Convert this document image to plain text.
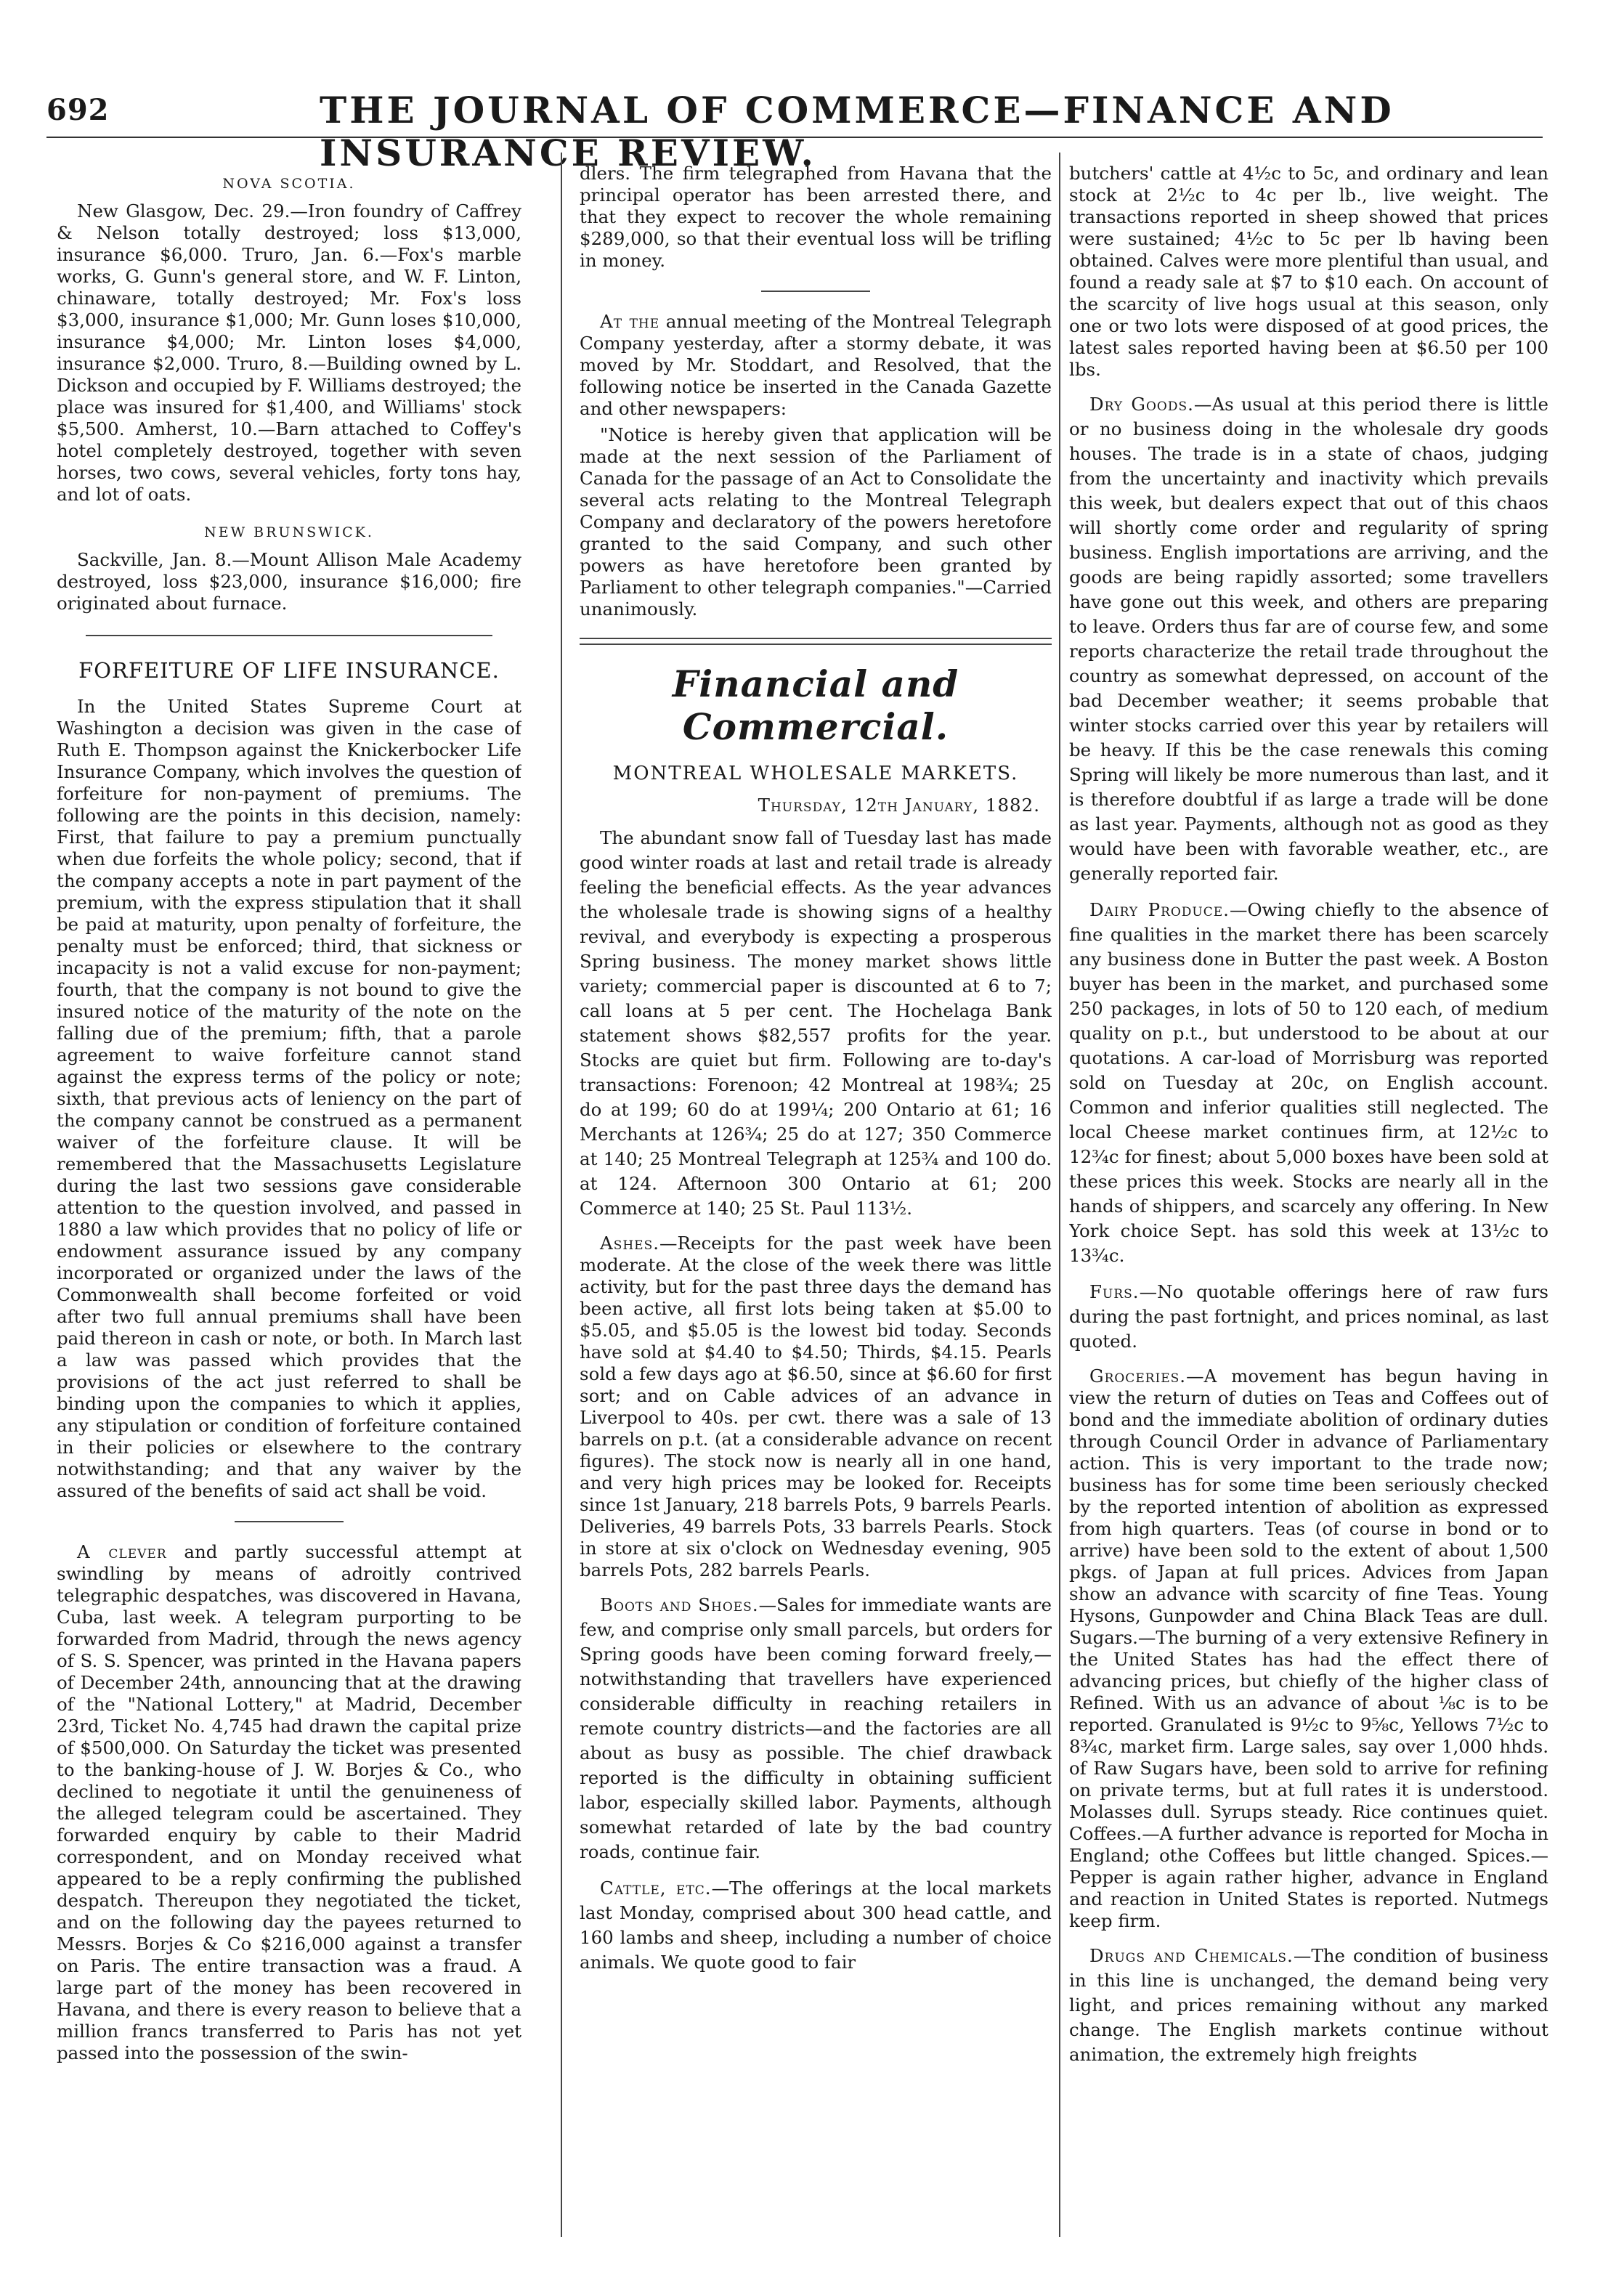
692	THE JOURNAL OF COMMERCE—FINANCE AND INSURANCE REVIEW.
NOVA SCOTIA.

New Glasgow, Dec. 29.—Iron foundry of Caffrey & Nelson totally destroyed; loss $13,000, insurance $6,000. Truro, Jan. 6.—Fox's marble works, G. Gunn's general store, and W. F. Linton, chinaware, totally destroyed; Mr. Fox's loss $3,000, insurance $1,000; Mr. Gunn loses $10,000, insurance $4,000; Mr. Linton loses $4,000, insurance $2,000. Truro, 8.—Building owned by L. Dickson and occupied by F. Williams destroyed; the place was insured for $1,400, and Williams' stock $5,500. Amherst, 10.—Barn attached to Coffey's hotel completely destroyed, together with seven horses, two cows, several vehicles, forty tons hay, and lot of oats.

NEW BRUNSWICK.

Sackville, Jan. 8.—Mount Allison Male Academy destroyed, loss $23,000, insurance $16,000; fire originated about furnace.

FORFEITURE OF LIFE INSURANCE.

In the United States Supreme Court at Washington a decision was given in the case of Ruth E. Thompson against the Knickerbocker Life Insurance Company, which involves the question of forfeiture for non-payment of premiums. The following are the points in this decision, namely: First, that failure to pay a premium punctually when due forfeits the whole policy; second, that if the company accepts a note in part payment of the premium, with the express stipulation that it shall be paid at maturity, upon penalty of forfeiture, the penalty must be enforced; third, that sickness or incapacity is not a valid excuse for non-payment; fourth, that the company is not bound to give the insured notice of the maturity of the note on the falling due of the premium; fifth, that a parole agreement to waive forfeiture cannot stand against the express terms of the policy or note; sixth, that previous acts of leniency on the part of the company cannot be construed as a permanent waiver of the forfeiture clause. It will be remembered that the Massachusetts Legislature during the last two sessions gave considerable attention to the question involved, and passed in 1880 a law which provides that no policy of life or endowment assurance issued by any company incorporated or organized under the laws of the Commonwealth shall become forfeited or void after two full annual premiums shall have been paid thereon in cash or note, or both. In March last a law was passed which provides that the provisions of the act just referred to shall be binding upon the companies to which it applies, any stipulation or condition of forfeiture contained in their policies or elsewhere to the contrary notwithstanding; and that any waiver by the assured of the benefits of said act shall be void.

A clever and partly successful attempt at swindling by means of adroitly contrived telegraphic despatches, was discovered in Havana, Cuba, last week. A telegram purporting to be forwarded from Madrid, through the news agency of S. S. Spencer, was printed in the Havana papers of December 24th, announcing that at the drawing of the "National Lottery," at Madrid, December 23rd, Ticket No. 4,745 had drawn the capital prize of $500,000. On Saturday the ticket was presented to the banking-house of J. W. Borjes & Co., who declined to negotiate it until the genuineness of the alleged telegram could be ascertained. They forwarded enquiry by cable to their Madrid correspondent, and on Monday received what appeared to be a reply confirming the published despatch. Thereupon they negotiated the ticket, and on the following day the payees returned to Messrs. Borjes & Co $216,000 against a transfer on Paris. The entire transaction was a fraud. A large part of the money has been recovered in Havana, and there is every reason to believe that a million francs transferred to Paris has not yet passed into the possession of the swin-

dlers. The firm telegraphed from Havana that the principal operator has been arrested there, and that they expect to recover the whole remaining $289,000, so that their eventual loss will be trifling in money.

At the annual meeting of the Montreal Telegraph Company yesterday, after a stormy debate, it was moved by Mr. Stoddart, and Resolved, that the following notice be inserted in the Canada Gazette and other newspapers:

"Notice is hereby given that application will be made at the next session of the Parliament of Canada for the passage of an Act to Consolidate the several acts relating to the Montreal Telegraph Company and declaratory of the powers heretofore granted to the said Company, and such other powers as have heretofore been granted by Parliament to other telegraph companies."—Carried unanimously.

Financial and Commercial.
MONTREAL WHOLESALE MARKETS.
Thursday, 12th January, 1882.

The abundant snow fall of Tuesday last has made good winter roads at last and retail trade is already feeling the beneficial effects. As the year advances the wholesale trade is showing signs of a healthy revival, and everybody is expecting a prosperous Spring business. The money market shows little variety; commercial paper is discounted at 6 to 7; call loans at 5 per cent. The Hochelaga Bank statement shows $82,557 profits for the year. Stocks are quiet but firm. Following are to-day's transactions: Forenoon; 42 Montreal at 198¾; 25 do at 199; 60 do at 199¼; 200 Ontario at 61; 16 Merchants at 126¾; 25 do at 127; 350 Commerce at 140; 25 Montreal Telegraph at 125¾ and 100 do. at 124. Afternoon 300 Ontario at 61; 200 Commerce at 140; 25 St. Paul 113½.

Ashes.—Receipts for the past week have been moderate. At the close of the week there was little activity, but for the past three days the demand has been active, all first lots being taken at $5.00 to $5.05, and $5.05 is the lowest bid today. Seconds have sold at $4.40 to $4.50; Thirds, $4.15. Pearls sold a few days ago at $6.50, since at $6.60 for first sort; and on Cable advices of an advance in Liverpool to 40s. per cwt. there was a sale of 13 barrels on p.t. (at a considerable advance on recent figures). The stock now is nearly all in one hand, and very high prices may be looked for. Receipts since 1st January, 218 barrels Pots, 9 barrels Pearls. Deliveries, 49 barrels Pots, 33 barrels Pearls. Stock in store at six o'clock on Wednesday evening, 905 barrels Pots, 282 barrels Pearls.

Boots and Shoes.—Sales for immediate wants are few, and comprise only small parcels, but orders for Spring goods have been coming forward freely,—notwithstanding that travellers have experienced considerable difficulty in reaching retailers in remote country districts—and the factories are all about as busy as possible. The chief drawback reported is the difficulty in obtaining sufficient labor, especially skilled labor. Payments, although somewhat retarded of late by the bad country roads, continue fair.

Cattle, etc.—The offerings at the local markets last Monday, comprised about 300 head cattle, and 160 lambs and sheep, including a number of choice animals. We quote good to fair

butchers' cattle at 4½c to 5c, and ordinary and lean stock at 2½c to 4c per lb., live weight. The transactions reported in sheep showed that prices were sustained; 4½c to 5c per lb having been obtained. Calves were more plentiful than usual, and found a ready sale at $7 to $10 each. On account of the scarcity of live hogs usual at this season, only one or two lots were disposed of at good prices, the latest sales reported having been at $6.50 per 100 lbs.

Dry Goods.—As usual at this period there is little or no business doing in the wholesale dry goods houses. The trade is in a state of chaos, judging from the uncertainty and inactivity which prevails this week, but dealers expect that out of this chaos will shortly come order and regularity of spring business. English importations are arriving, and the goods are being rapidly assorted; some travellers have gone out this week, and others are preparing to leave. Orders thus far are of course few, and some reports characterize the retail trade throughout the country as somewhat depressed, on account of the bad December weather; it seems probable that winter stocks carried over this year by retailers will be heavy. If this be the case renewals this coming Spring will likely be more numerous than last, and it is therefore doubtful if as large a trade will be done as last year. Payments, although not as good as they would have been with favorable weather, etc., are generally reported fair.

Dairy Produce.—Owing chiefly to the absence of fine qualities in the market there has been scarcely any business done in Butter the past week. A Boston buyer has been in the market, and purchased some 250 packages, in lots of 50 to 120 each, of medium quality on p.t., but understood to be about at our quotations. A car-load of Morrisburg was reported sold on Tuesday at 20c, on English account. Common and inferior qualities still neglected. The local Cheese market continues firm, at 12½c to 12¾c for finest; about 5,000 boxes have been sold at these prices this week. Stocks are nearly all in the hands of shippers, and scarcely any offering. In New York choice Sept. has sold this week at 13½c to 13¾c.

Furs.—No quotable offerings here of raw furs during the past fortnight, and prices nominal, as last quoted.

Groceries.—A movement has begun having in view the return of duties on Teas and Coffees out of bond and the immediate abolition of ordinary duties through Council Order in advance of Parliamentary action. This is very important to the trade now; business has for some time been seriously checked by the reported intention of abolition as expressed from high quarters. Teas (of course in bond or to arrive) have been sold to the extent of about 1,500 pkgs. of Japan at full prices. Advices from Japan show an advance with scarcity of fine Teas. Young Hysons, Gunpowder and China Black Teas are dull. Sugars.—The burning of a very extensive Refinery in the United States has had the effect there of advancing prices, but chiefly of the higher class of Refined. With us an advance of about ⅛c is to be reported. Granulated is 9½c to 9⅝c, Yellows 7½c to 8¾c, market firm. Large sales, say over 1,000 hhds. of Raw Sugars have, been sold to arrive for refining on private terms, but at full rates it is understood. Molasses dull. Syrups steady. Rice continues quiet. Coffees.—A further advance is reported for Mocha in England; othe Coffees but little changed. Spices.—Pepper is again rather higher, advance in England and reaction in United States is reported. Nutmegs keep firm.

Drugs and Chemicals.—The condition of business in this line is unchanged, the demand being very light, and prices remaining without any marked change. The English markets continue without animation, the extremely high freights
